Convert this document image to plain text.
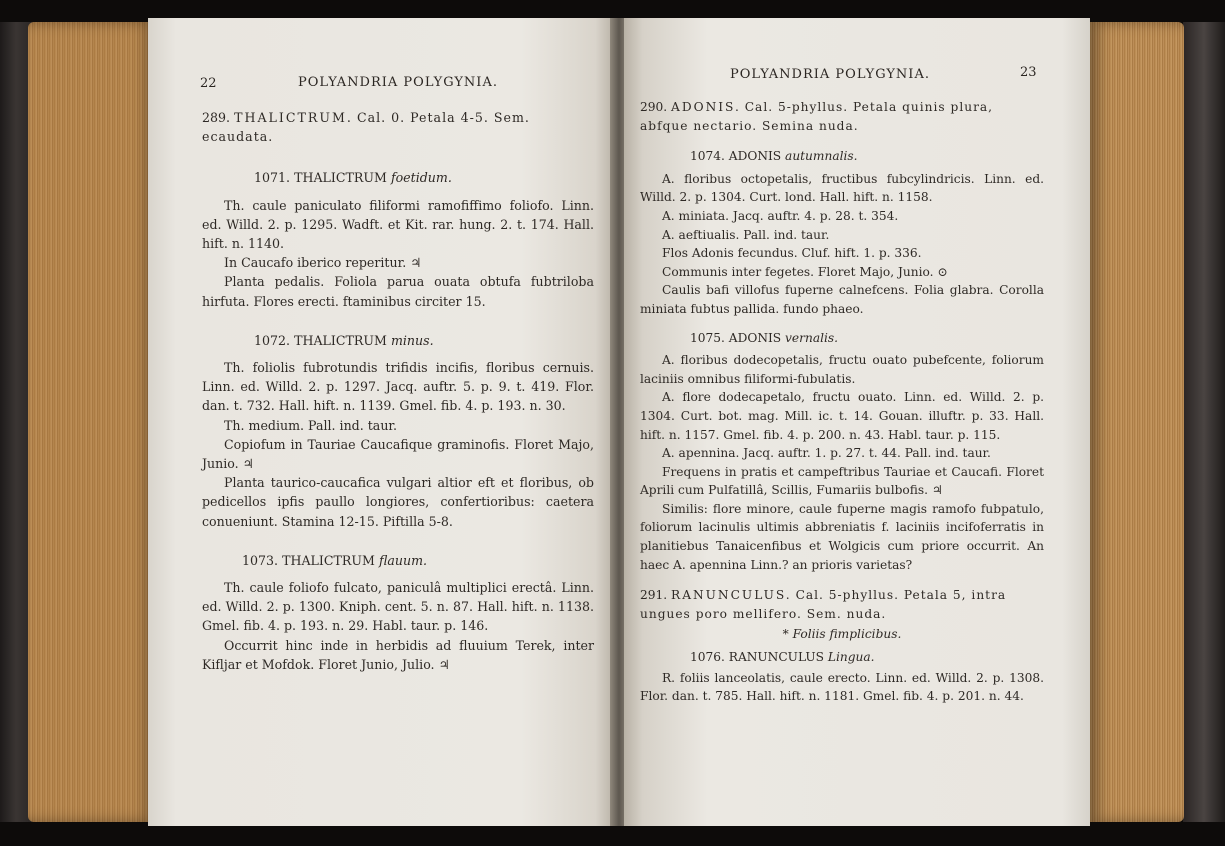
22	POLYANDRIA POLYGYNIA.

289. THALICTRUM. Cal. 0. Petala 4-5. Sem. ecaudata.

1071. THALICTRUM foetidum.

Th. caule paniculato filiformi ramofiffimo foliofo. Linn. ed. Willd. 2. p. 1295. Wadft. et Kit. rar. hung. 2. t. 174. Hall. hift. n. 1140.

In Caucafo iberico reperitur. ♃

Planta pedalis. Foliola parua ouata obtufa fubtriloba hirfuta. Flores erecti. ftaminibus circiter 15.

1072. THALICTRUM minus.

Th. foliolis fubrotundis trifidis incifis, floribus cernuis. Linn. ed. Willd. 2. p. 1297. Jacq. auftr. 5. p. 9. t. 419. Flor. dan. t. 732. Hall. hift. n. 1139. Gmel. fib. 4. p. 193. n. 30.

Th. medium. Pall. ind. taur.

Copiofum in Tauriae Caucafique graminofis. Floret Majo, Junio. ♃

Planta taurico-caucafica vulgari altior eft et floribus, ob pedicellos ipfis paullo longiores, confertioribus: caetera conueniunt. Stamina 12-15. Piftilla 5-8.

1073. THALICTRUM flauum.

Th. caule foliofo fulcato, paniculâ multiplici erectâ. Linn. ed. Willd. 2. p. 1300. Kniph. cent. 5. n. 87. Hall. hift. n. 1138. Gmel. fib. 4. p. 193. n. 29. Habl. taur. p. 146.

Occurrit hinc inde in herbidis ad fluuium Terek, inter Kifljar et Mofdok. Floret Junio, Julio. ♃

POLYANDRIA POLYGYNIA.	23

290. ADONIS. Cal. 5-phyllus. Petala quinis plura, abfque nectario. Semina nuda.

1074. ADONIS autumnalis.

A. floribus octopetalis, fructibus fubcylindricis. Linn. ed. Willd. 2. p. 1304. Curt. lond. Hall. hift. n. 1158.

A. miniata. Jacq. auftr. 4. p. 28. t. 354.

A. aeftiualis. Pall. ind. taur.

Flos Adonis fecundus. Cluf. hift. 1. p. 336.

Communis inter fegetes. Floret Majo, Junio. ⊙

Caulis bafi villofus fuperne calnefcens. Folia glabra. Corolla miniata fubtus pallida. fundo phaeo.

1075. ADONIS vernalis.

A. floribus dodecopetalis, fructu ouato pubefcente, foliorum laciniis omnibus filiformi-fubulatis.

A. flore dodecapetalo, fructu ouato. Linn. ed. Willd. 2. p. 1304. Curt. bot. mag. Mill. ic. t. 14. Gouan. illuftr. p. 33. Hall. hift. n. 1157. Gmel. fib. 4. p. 200. n. 43. Habl. taur. p. 115.

A. apennina. Jacq. auftr. 1. p. 27. t. 44. Pall. ind. taur.

Frequens in pratis et campeftribus Tauriae et Caucafi. Floret Aprili cum Pulfatillâ, Scillis, Fumariis bulbofis. ♃

Similis: flore minore, caule fuperne magis ramofo fubpatulo, foliorum lacinulis ultimis abbreniatis f. laciniis incifoferratis in planitiebus Tanaicenfibus et Wolgicis cum priore occurrit. An haec A. apennina Linn.? an prioris varietas?

291. RANUNCULUS. Cal. 5-phyllus. Petala 5, intra ungues poro mellifero. Sem. nuda.

* Foliis fimplicibus.

1076. RANUNCULUS Lingua.

R. foliis lanceolatis, caule erecto. Linn. ed. Willd. 2. p. 1308. Flor. dan. t. 785. Hall. hift. n. 1181. Gmel. fib. 4. p. 201. n. 44.
